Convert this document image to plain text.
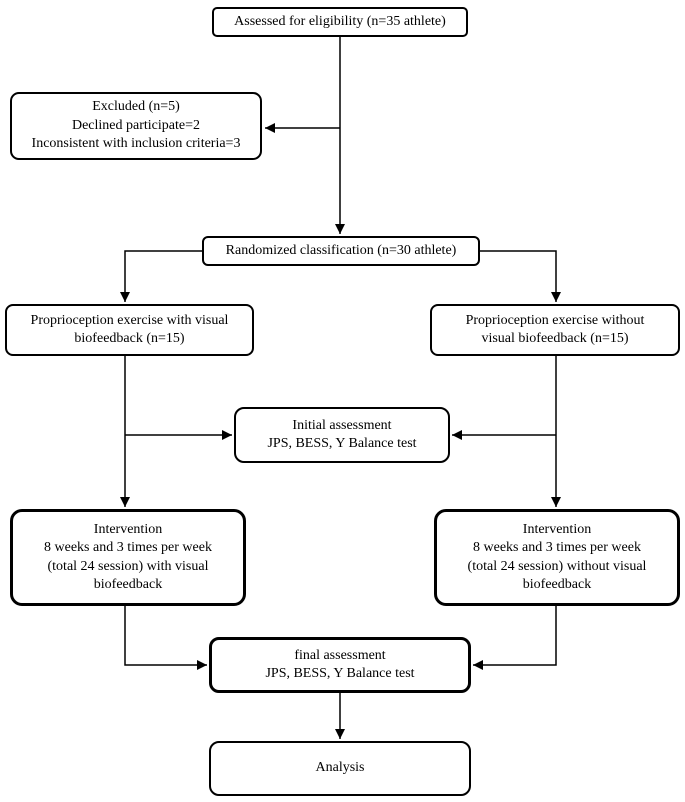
Assessed for eligibility (n=35 athlete)
Excluded (n=5)
Declined participate=2
Inconsistent with inclusion criteria=3
Randomized classification (n=30 athlete)
Proprioception exercise with visual
biofeedback (n=15)
Proprioception exercise without
visual biofeedback (n=15)
Initial assessment
JPS, BESS, Y Balance test
Intervention
8 weeks and 3 times per week
(total 24 session) with visual
biofeedback
Intervention
8 weeks and 3 times per week
(total 24 session) without visual
biofeedback
final assessment
JPS, BESS, Y Balance test
Analysis
